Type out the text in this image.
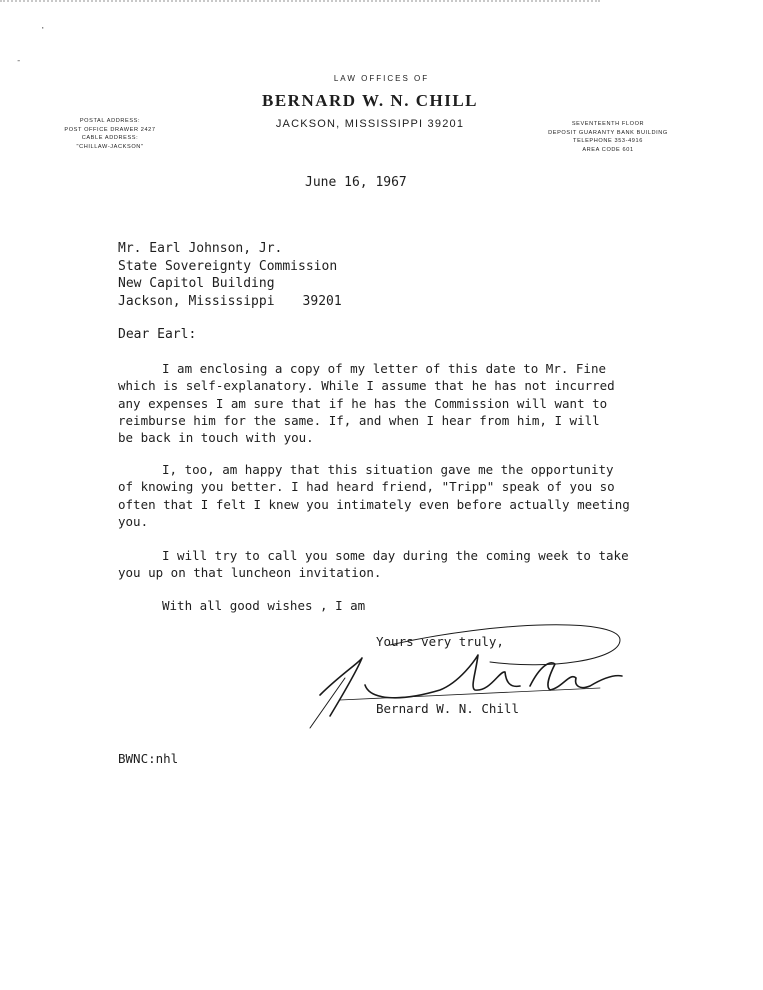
·
-
LAW OFFICES OF
BERNARD W. N. CHILL
JACKSON, MISSISSIPPI 39201
POSTAL ADDRESS:
POST OFFICE DRAWER 2427
CABLE ADDRESS:
"CHILLAW-JACKSON"
SEVENTEENTH FLOOR
DEPOSIT GUARANTY BANK BUILDING
TELEPHONE 353-4916
AREA CODE 601
June 16, 1967
Mr. Earl Johnson, Jr.
State Sovereignty Commission
New Capitol Building
Jackson, Mississippi 39201
Dear Earl:
I am enclosing a copy of my letter of this date to Mr. Fine
which is self-explanatory. While I assume that he has not incurred
any expenses I am sure that if he has the Commission will want to
reimburse him for the same. If, and when I hear from him, I will
be back in touch with you.
I, too, am happy that this situation gave me the opportunity
of knowing you better. I had heard friend, "Tripp" speak of you so
often that I felt I knew you intimately even before actually meeting
you.
I will try to call you some day during the coming week to take
you up on that luncheon invitation.
With all good wishes , I am
Yours very truly,
Bernard W. N. Chill
BWNC:nhl
